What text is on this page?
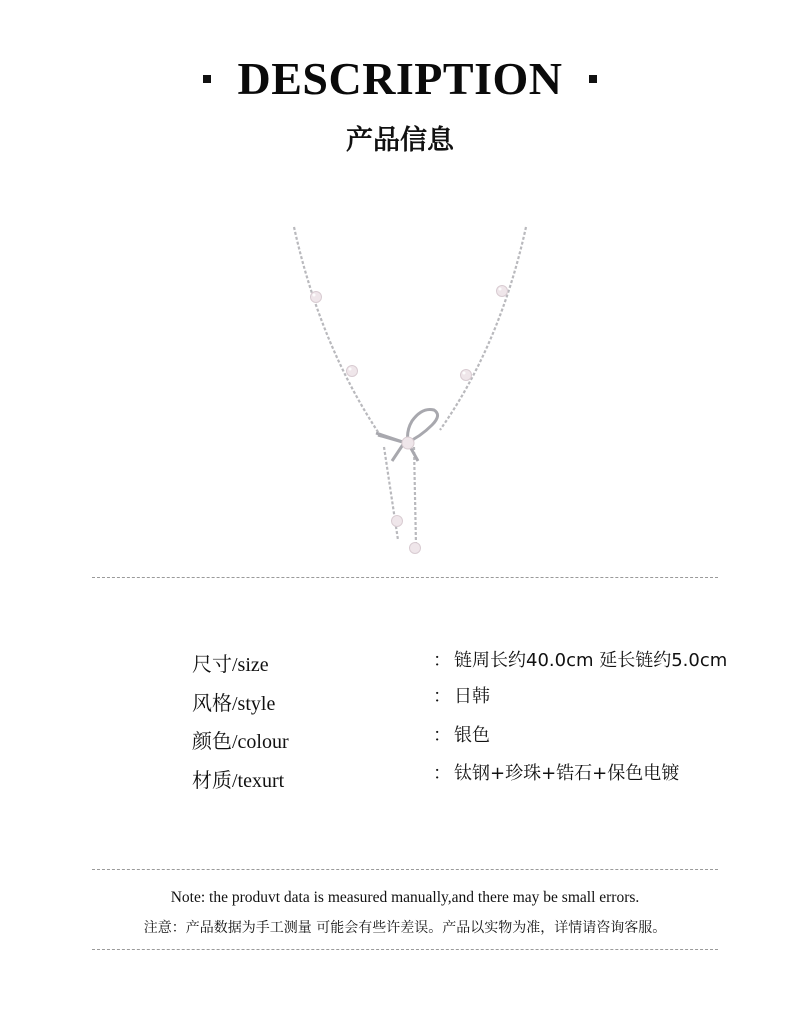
DESCRIPTION
产品信息
尺寸/size	： 链周长约40.0cm 延长链约5.0cm
风格/style	： 日韩
颜色/colour	： 银色
材质/texurt	： 钛钢+珍珠+锆石+保色电镀
Note: the produvt data is measured manually,and there may be small errors.
注意：产品数据为手工测量 可能会有些许差误。产品以实物为准，详情请咨询客服。
